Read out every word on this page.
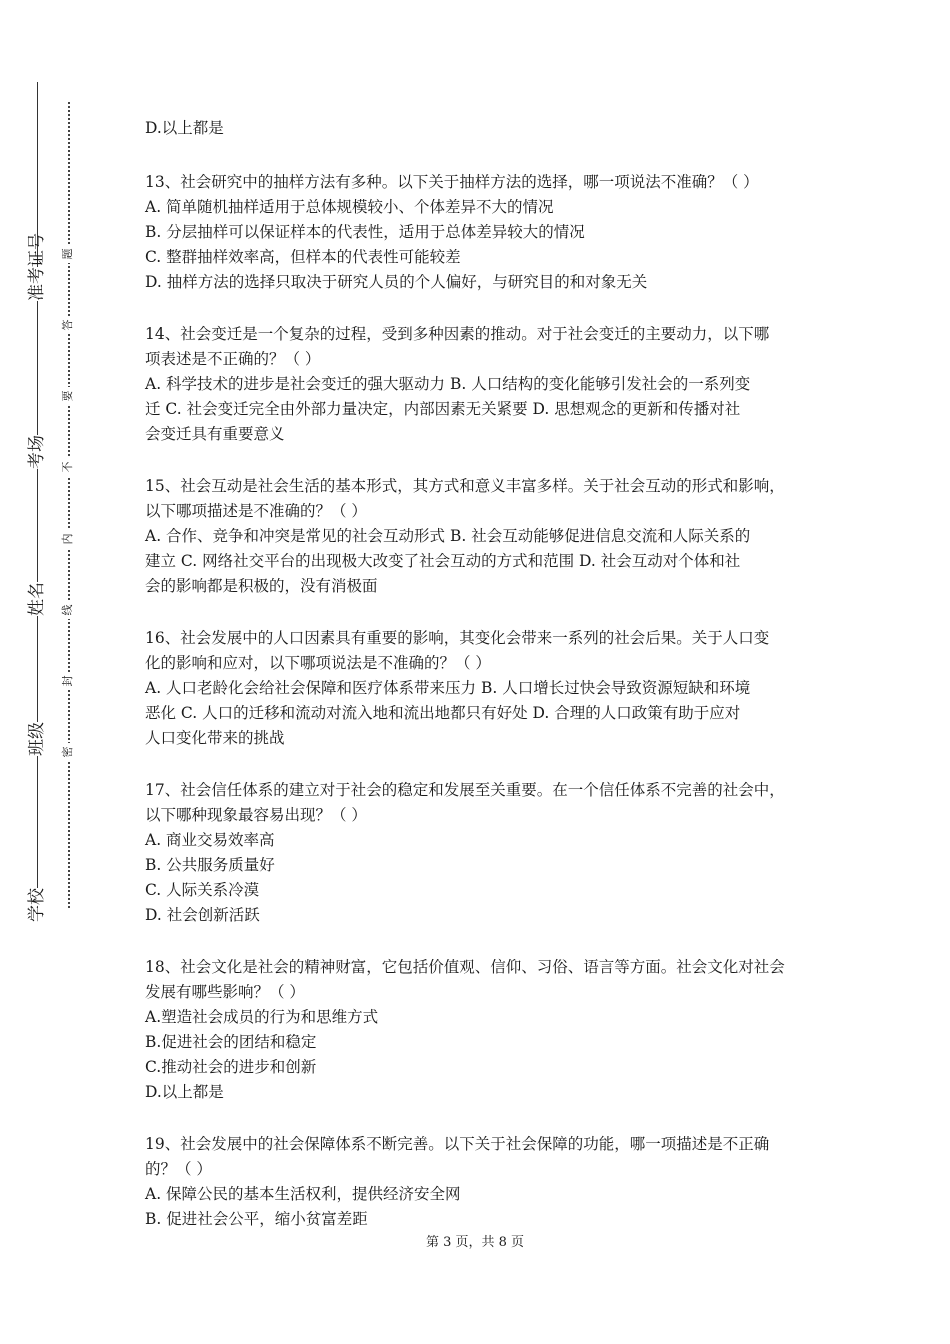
准考证号
考场
姓名
班级
学校
题
答
要
不
内
线
封
密
D.以上都是
13、社会研究中的抽样方法有多种。以下关于抽样方法的选择，哪一项说法不准确？（ ）
A. 简单随机抽样适用于总体规模较小、个体差异不大的情况
B. 分层抽样可以保证样本的代表性，适用于总体差异较大的情况
C. 整群抽样效率高，但样本的代表性可能较差
D. 抽样方法的选择只取决于研究人员的个人偏好，与研究目的和对象无关
14、社会变迁是一个复杂的过程，受到多种因素的推动。对于社会变迁的主要动力，以下哪
项表述是不正确的？（ ）
A. 科学技术的进步是社会变迁的强大驱动力 B. 人口结构的变化能够引发社会的一系列变
迁 C. 社会变迁完全由外部力量决定，内部因素无关紧要 D. 思想观念的更新和传播对社
会变迁具有重要意义
15、社会互动是社会生活的基本形式，其方式和意义丰富多样。关于社会互动的形式和影响，
以下哪项描述是不准确的？（ ）
A. 合作、竞争和冲突是常见的社会互动形式 B. 社会互动能够促进信息交流和人际关系的
建立 C. 网络社交平台的出现极大改变了社会互动的方式和范围 D. 社会互动对个体和社
会的影响都是积极的，没有消极面
16、社会发展中的人口因素具有重要的影响，其变化会带来一系列的社会后果。关于人口变
化的影响和应对，以下哪项说法是不准确的？（ ）
A. 人口老龄化会给社会保障和医疗体系带来压力 B. 人口增长过快会导致资源短缺和环境
恶化 C. 人口的迁移和流动对流入地和流出地都只有好处 D. 合理的人口政策有助于应对
人口变化带来的挑战
17、社会信任体系的建立对于社会的稳定和发展至关重要。在一个信任体系不完善的社会中，
以下哪种现象最容易出现？（ ）
A. 商业交易效率高
B. 公共服务质量好
C. 人际关系冷漠
D. 社会创新活跃
18、社会文化是社会的精神财富，它包括价值观、信仰、习俗、语言等方面。社会文化对社会
发展有哪些影响？（ ）
A.塑造社会成员的行为和思维方式
B.促进社会的团结和稳定
C.推动社会的进步和创新
D.以上都是
19、社会发展中的社会保障体系不断完善。以下关于社会保障的功能，哪一项描述是不正确
的？（ ）
A. 保障公民的基本生活权利，提供经济安全网
B. 促进社会公平，缩小贫富差距
第 3 页，共 8 页
